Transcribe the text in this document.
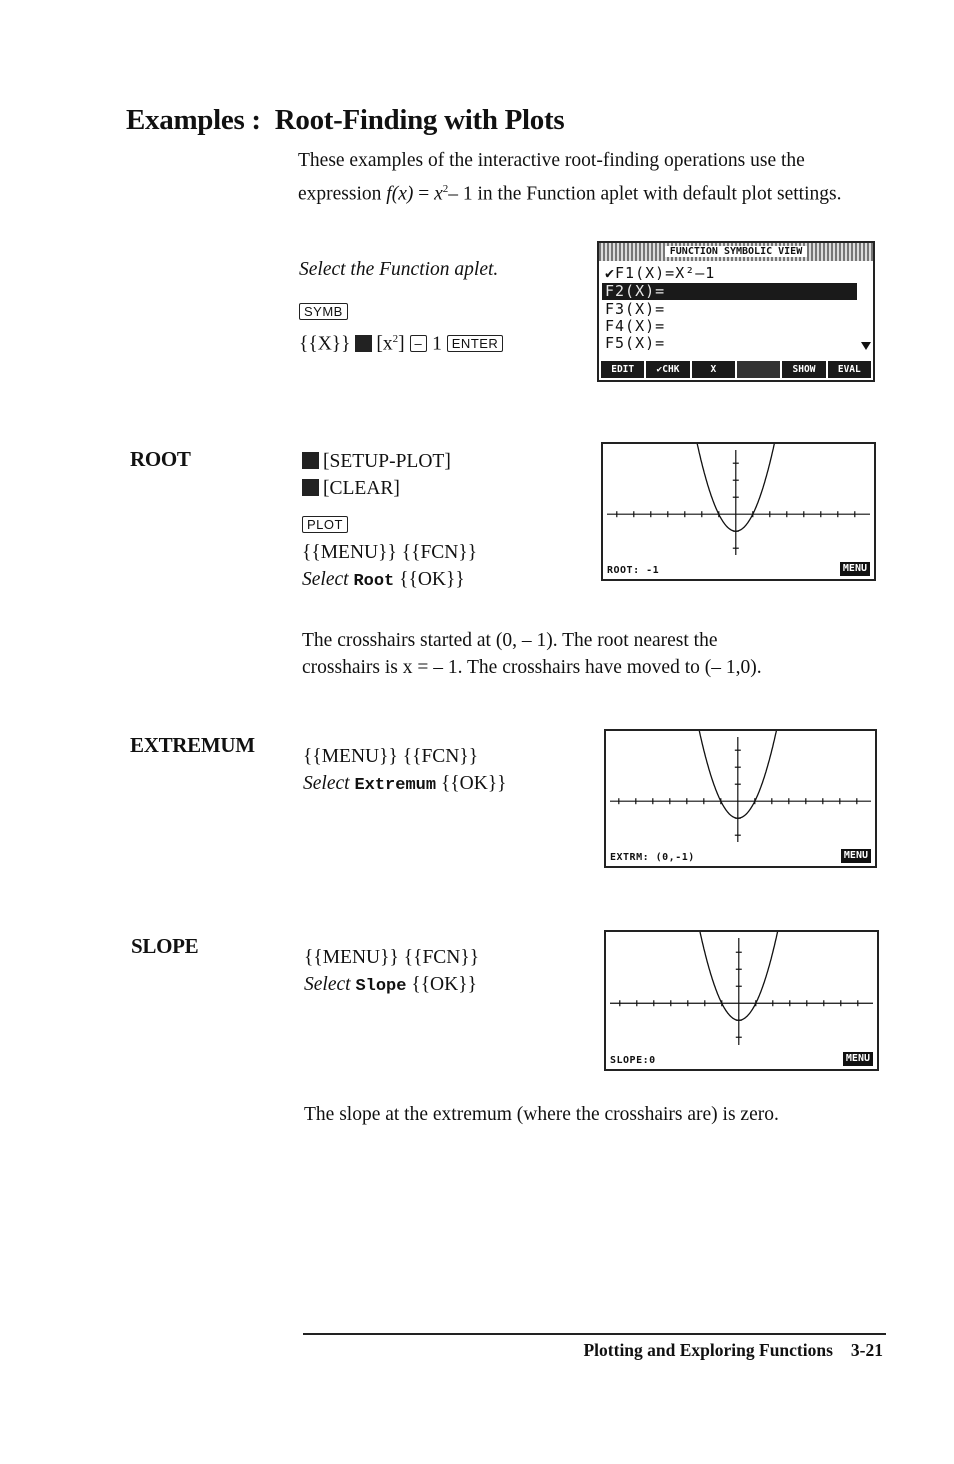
Examples : Root-Finding with Plots
These examples of the interactive root-finding operations use the expression $f(x) = x^2-$ 1 in the Function aplet with default plot settings.
Select the Function aplet.
SYMB
{{X}} $[x^2] - 1$ ENTER
FUNCTION SYMBOLIC VIEW
✔F1(X)=X²–1
F2(X)=
F3(X)=
F4(X)=
F5(X)=
EDIT	✔CHK	X	SHOW	EVAL
ROOT	[SETUP-PLOT]
[CLEAR]
PLOT
{{MENU}} {{FCN}}
Select Root {{OK}}	ROOT: -1	MENU
The crosshairs started at (0, – 1). The root nearest the
crosshairs is x = – 1. The crosshairs have moved to (– 1,0).
EXTREMUM {{MENU}} {{FCN}}
Select Extremum {{OK}}
EXTRM: (0,-1)	MENU
SLOPE	{{MENU}} {{FCN}}
Select Slope {{OK}}
SLOPE:0	MENU
The slope at the extremum (where the crosshairs are) is zero.
Plotting and Exploring Functions 3-21
